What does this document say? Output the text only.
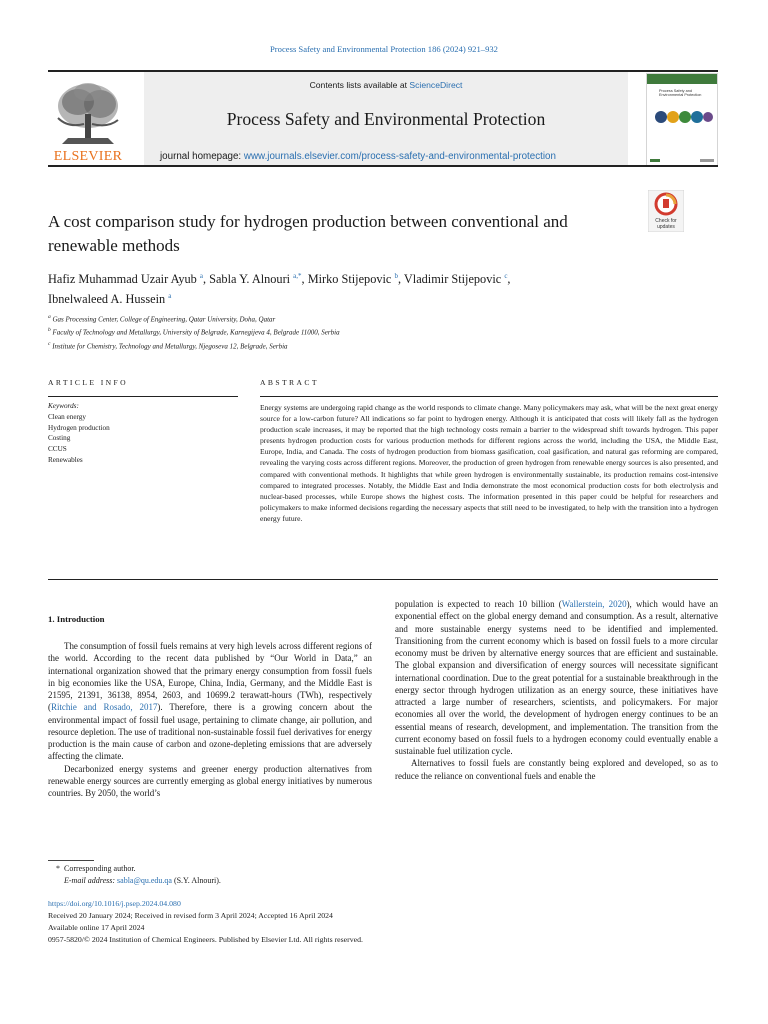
Process Safety and Environmental Protection 186 (2024) 921–932
ELSEVIER
Contents lists available at ScienceDirect
Process Safety and Environmental Protection
journal homepage: www.journals.elsevier.com/process-safety-and-environmental-protection
Process Safety and Environmental Protection
Check for
updates
A cost comparison study for hydrogen production between conventional and renewable methods
Hafiz Muhammad Uzair Ayub $^a$, Sabla Y. Alnouri $^{a,*}$, Mirko Stijepovic $^b$, Vladimir Stijepovic $^c$,
Ibnelwaleed A. Hussein $^a$
$^a$ Gas Processing Center, College of Engineering, Qatar University, Doha, Qatar
$^b$ Faculty of Technology and Metallurgy, University of Belgrade, Karnegijeva 4, Belgrade 11000, Serbia
$^c$ Institute for Chemistry, Technology and Metallurgy, Njegoseva 12, Belgrade, Serbia
ARTICLE INFO	ABSTRACT
Keywords:
Clean energy
Hydrogen production
Costing
CCUS
Renewables
Energy systems are undergoing rapid change as the world responds to climate change. Many policymakers may ask, what will be the next great energy source for a low-carbon future? All indications so far point to hydrogen energy. Although it is anticipated that costs will likely fall as the hydrogen production scale increases, it may be reported that the high technology costs remain a barrier to the widespread shift towards hydrogen. This paper presents hydrogen production costs for various production methods for different regions across the world, including the USA, the Middle East, Europe, India, and Canada. The costs of hydrogen production from biomass gasification, coal gasification, and natural gas reforming are compared, revealing the varying costs across different regions. Moreover, the production of green hydrogen from renewable energy sources is also presented, and compared with conventional methods. It highlights that while green hydrogen is environmentally sustainable, its production remains cost-intensive compared to integrated processes. Notably, the Middle East and India demonstrate the most economical production costs for both electrolysis and nuclear-based processes, while Europe shows the highest costs. The information presented in this paper could be helpful for researchers and policymakers to make informed decisions regarding the necessary aspects that still need to be investigated, to help with the transition into a hydrogen energy future.
1. Introduction

The consumption of fossil fuels remains at very high levels across different regions of the world. According to the recent data published by “Our World in Data,” an international organization showed that the primary energy consumption from fossil fuels in big economies like the USA, Europe, China, India, Germany, and the Middle East is 21595, 21391, 36138, 8954, 2603, and 10699.2 terawatt-hours (TWh), respectively (Ritchie and Rosado, 2017). Therefore, there is a growing concern about the environmental impact of fossil fuel usage, pertaining to climate change, air pollution, and resource depletion. The use of traditional non-sustainable fossil fuel derivatives for energy production is the main cause of carbon and ozone-depleting emissions that are adversely affecting the climate.

Decarbonized energy systems and greener energy production alternatives from renewable energy sources are currently emerging as global energy initiatives by numerous countries. By 2050, the world’s

population is expected to reach 10 billion (Wallerstein, 2020), which would have an exponential effect on the global energy demand and consumption. As a result, alternative and more sustainable energy systems need to be identified and implemented. Transitioning from the current economy which is based on fossil fuels to a more circular economy must be driven by alternative energy sources that are efficient and sustainable. The global expansion and diversification of energy sources will necessitate significant international coordination. Due to the great potential for a sustainable breakthrough in the energy sector through hydrogen utilization as an energy source, these initiatives have attracted a large number of researchers, scientists, and policymakers. For major economies all over the world, the development of hydrogen energy continues to be an essential means of research, development, and implementation. The transition from the current economy based on fossil fuels to a hydrogen economy could eventually enable a sustainable fuel utilization cycle.

Alternatives to fossil fuels are constantly being explored and developed, so as to reduce the reliance on conventional fuels and enable the

* Corresponding author.
E-mail address: sabla@qu.edu.qa (S.Y. Alnouri).
https://doi.org/10.1016/j.psep.2024.04.080
Received 20 January 2024; Received in revised form 3 April 2024; Accepted 16 April 2024
Available online 17 April 2024
0957-5820/© 2024 Institution of Chemical Engineers. Published by Elsevier Ltd. All rights reserved.
